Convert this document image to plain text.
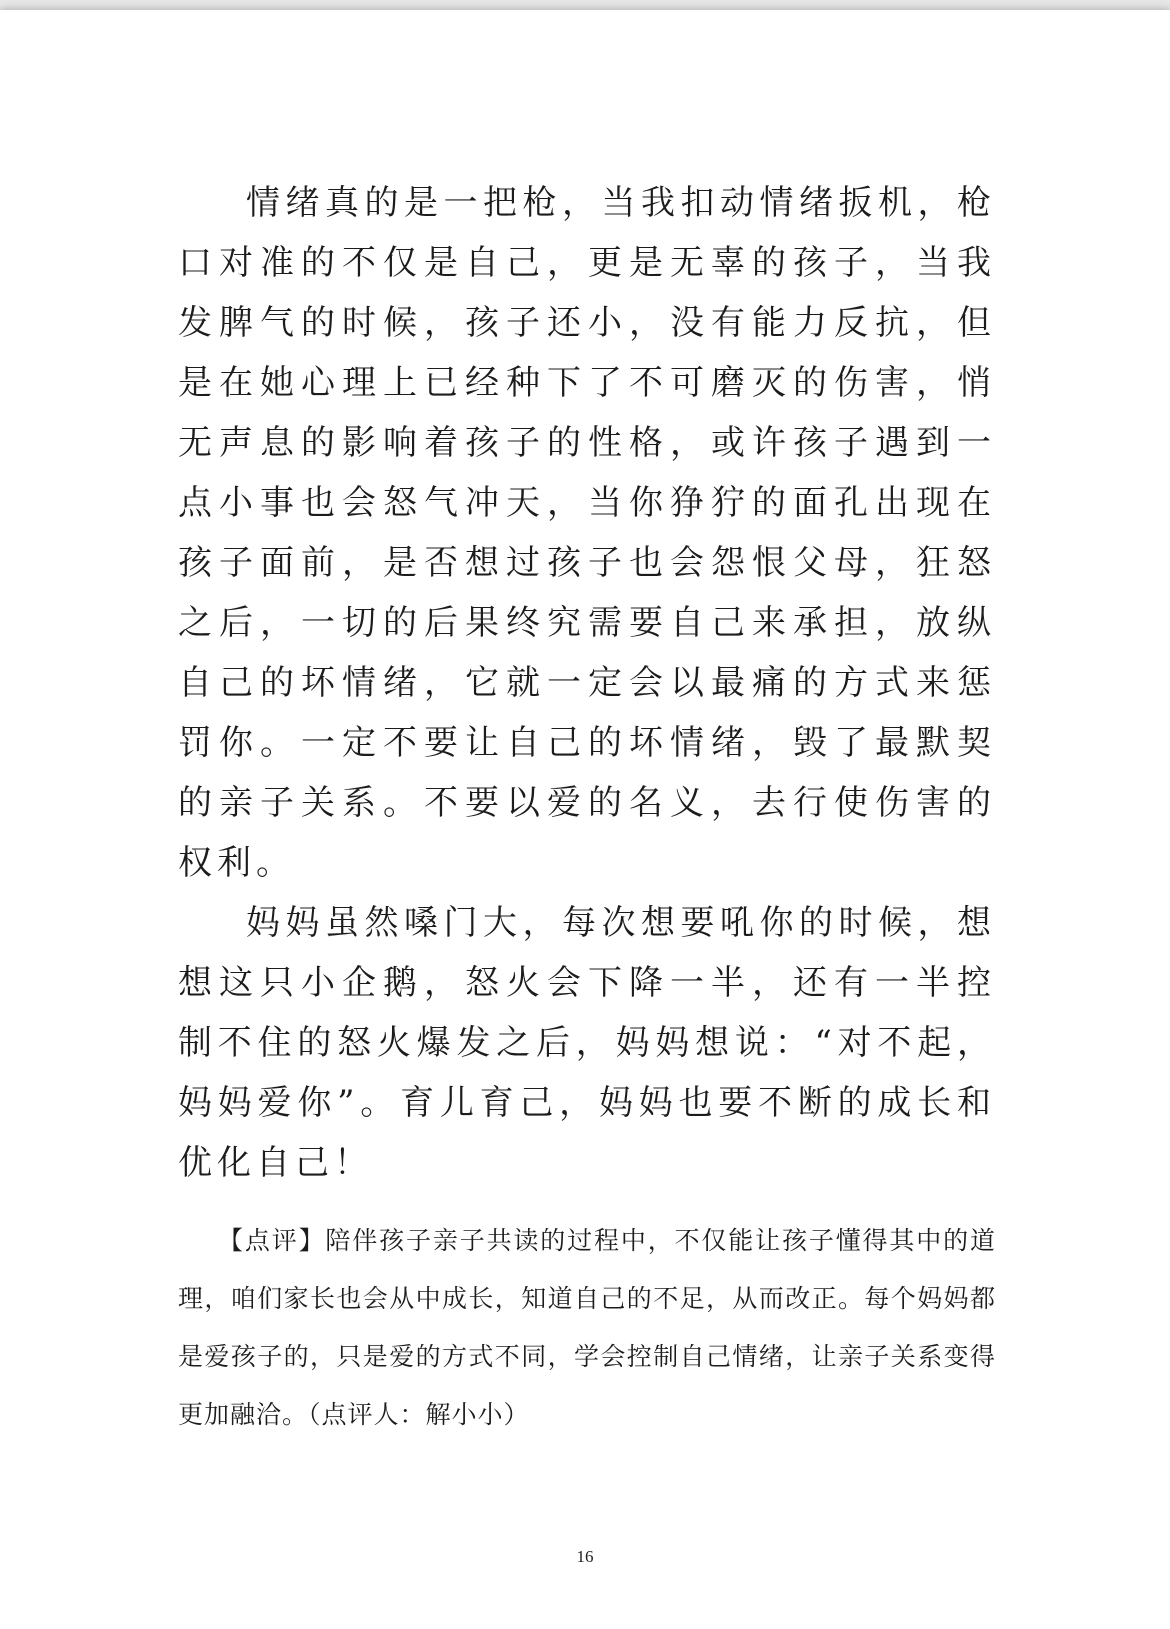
情绪真的是一把枪，当我扣动情绪扳机，枪口对准的不仅是自己，更是无辜的孩子，当我发脾气的时候，孩子还小，没有能力反抗，但是在她心理上已经种下了不可磨灭的伤害，悄无声息的影响着孩子的性格，或许孩子遇到一点小事也会怒气冲天，当你狰狞的面孔出现在孩子面前，是否想过孩子也会怨恨父母，狂怒之后，一切的后果终究需要自己来承担，放纵自己的坏情绪，它就一定会以最痛的方式来惩罚你。一定不要让自己的坏情绪，毁了最默契的亲子关系。不要以爱的名义，去行使伤害的权利。

妈妈虽然嗓门大，每次想要吼你的时候，想想这只小企鹅，怒火会下降一半，还有一半控制不住的怒火爆发之后，妈妈想说：“对不起，妈妈爱你”。育儿育己，妈妈也要不断的成长和优化自己！

【点评】陪伴孩子亲子共读的过程中，不仅能让孩子懂得其中的道理，咱们家长也会从中成长，知道自己的不足，从而改正。每个妈妈都是爱孩子的，只是爱的方式不同，学会控制自己情绪，让亲子关系变得更加融洽。（点评人：解小小）

16
